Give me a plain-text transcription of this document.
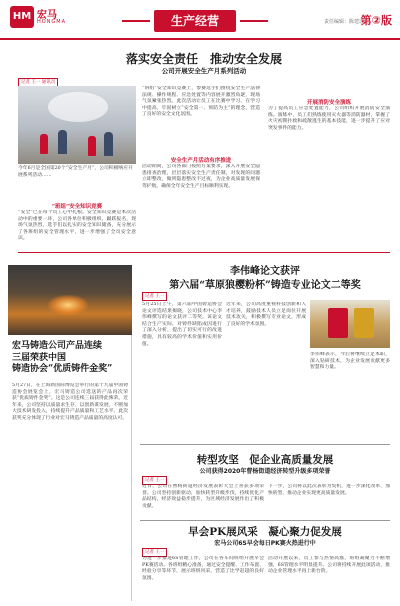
HM 宏马
HONGMA	生产经营	责任编辑：陈建忠
第②版
落实安全责任　推动安全发展
公司开展安全生产月系列活动
记者 王一 通讯员
今年6月是全国第20个“安全生产月”，公司积极响应开展系列活动……
“班组”安全知识竞赛
“安全”已在每个员工心中扎根。安全知识竞赛是本次活动中的重要一环，公司各单位积极组织、踊跃报名，现场气氛热烈，选手们以扎实的安全知识储备，充分展示了各班组的安全管理水平，进一步增强了全员安全意识。
“班组”安全知识竞赛上，参赛选手们围绕安全生产法律法规、操作规程、应急处置等内容展开激烈角逐，现场气氛紧张热烈。此次活动让员工在比赛中学习、在学习中提高，牢固树立“安全第一、预防为主”的理念，营造了良好的安全文化氛围。
安全生产月活动有序推进
活动期间，公司各部门按照方案要求，深入开展安全隐患排查治理，层层落实安全生产责任制，对发现的问题立即整改，做到隐患整改不过夜，为企业高质量发展保驾护航，确保全年安全生产目标顺利实现。
开展消防安全演练
为了提高员工应急处置能力，公司组织开展消防安全演练。演练中，员工们熟练使用灭火器等消防器材，掌握了火灾初期扑救和疏散逃生的基本技能，进一步提升了应对突发事件的能力。
宏马铸造公司产品连续
三届荣获中国
铸造协会“优质铸件金奖”
5月27日，在上海新国际博览会举行的第十九届中国铸造协会展览会上，宏马铸造公司选送的产品再次荣获“优质铸件金奖”。这是公司连续三届获得此殊荣。近年来，公司坚持以质量求生存、以创新谋发展，不断加大技术研发投入，持续提升产品质量和工艺水平。此次获奖充分体现了行业对宏马铸造产品质量的高度认可。
李伟峰论文获评
第六届“草原狼樱粉杯”铸造专业论文二等奖
记者 王一
5月25日上午，第六届中国铸造协会论文评选结果揭晓，公司技术中心李伟峰撰写的论文获评二等奖。该论文结合生产实际，对铸件缺陷成因进行了深入分析，提出了切实可行的改进措施，具有较高的学术价值和实用价值。
近年来，公司高度重视科技创新和人才培养，鼓励技术人员立足岗位开展技术攻关，积极撰写专业论文，形成了良好的学术氛围。
李伟峰表示，今后将继续立足本职，深入钻研技术，为企业发展贡献更多智慧和力量。
转型攻坚　促企业高质量发展
公司获得2020年曹杨街道经济转型升级多项荣誉
记者 王一
近日，公司在曹杨街道经济发展表彰大会上喜获多项荣誉。公司坚持创新驱动，加快转型升级步伐，持续优化产品结构，经济效益稳步提升，为区域经济发展作出了积极贡献。
下一步，公司将以此次表彰为契机，进一步深化改革、加快转型，推动企业实现更高质量发展。
早会PK展风采　凝心聚力促发展
宏马公司6S早会每日PK赛火热进行中
记者 王一
为进一步推进6S管理工作，公司在各车间班组开展早会PK赛活动。各班组精心准备，通过安全提醒、工作布置、经验分享等环节，展示班组风采，营造了比学赶超的良好氛围。
活动开展以来，员工参与热情高涨，班组凝聚力不断增强，6S管理水平明显提升。公司将持续开展此项活动，推动企业管理水平再上新台阶。
